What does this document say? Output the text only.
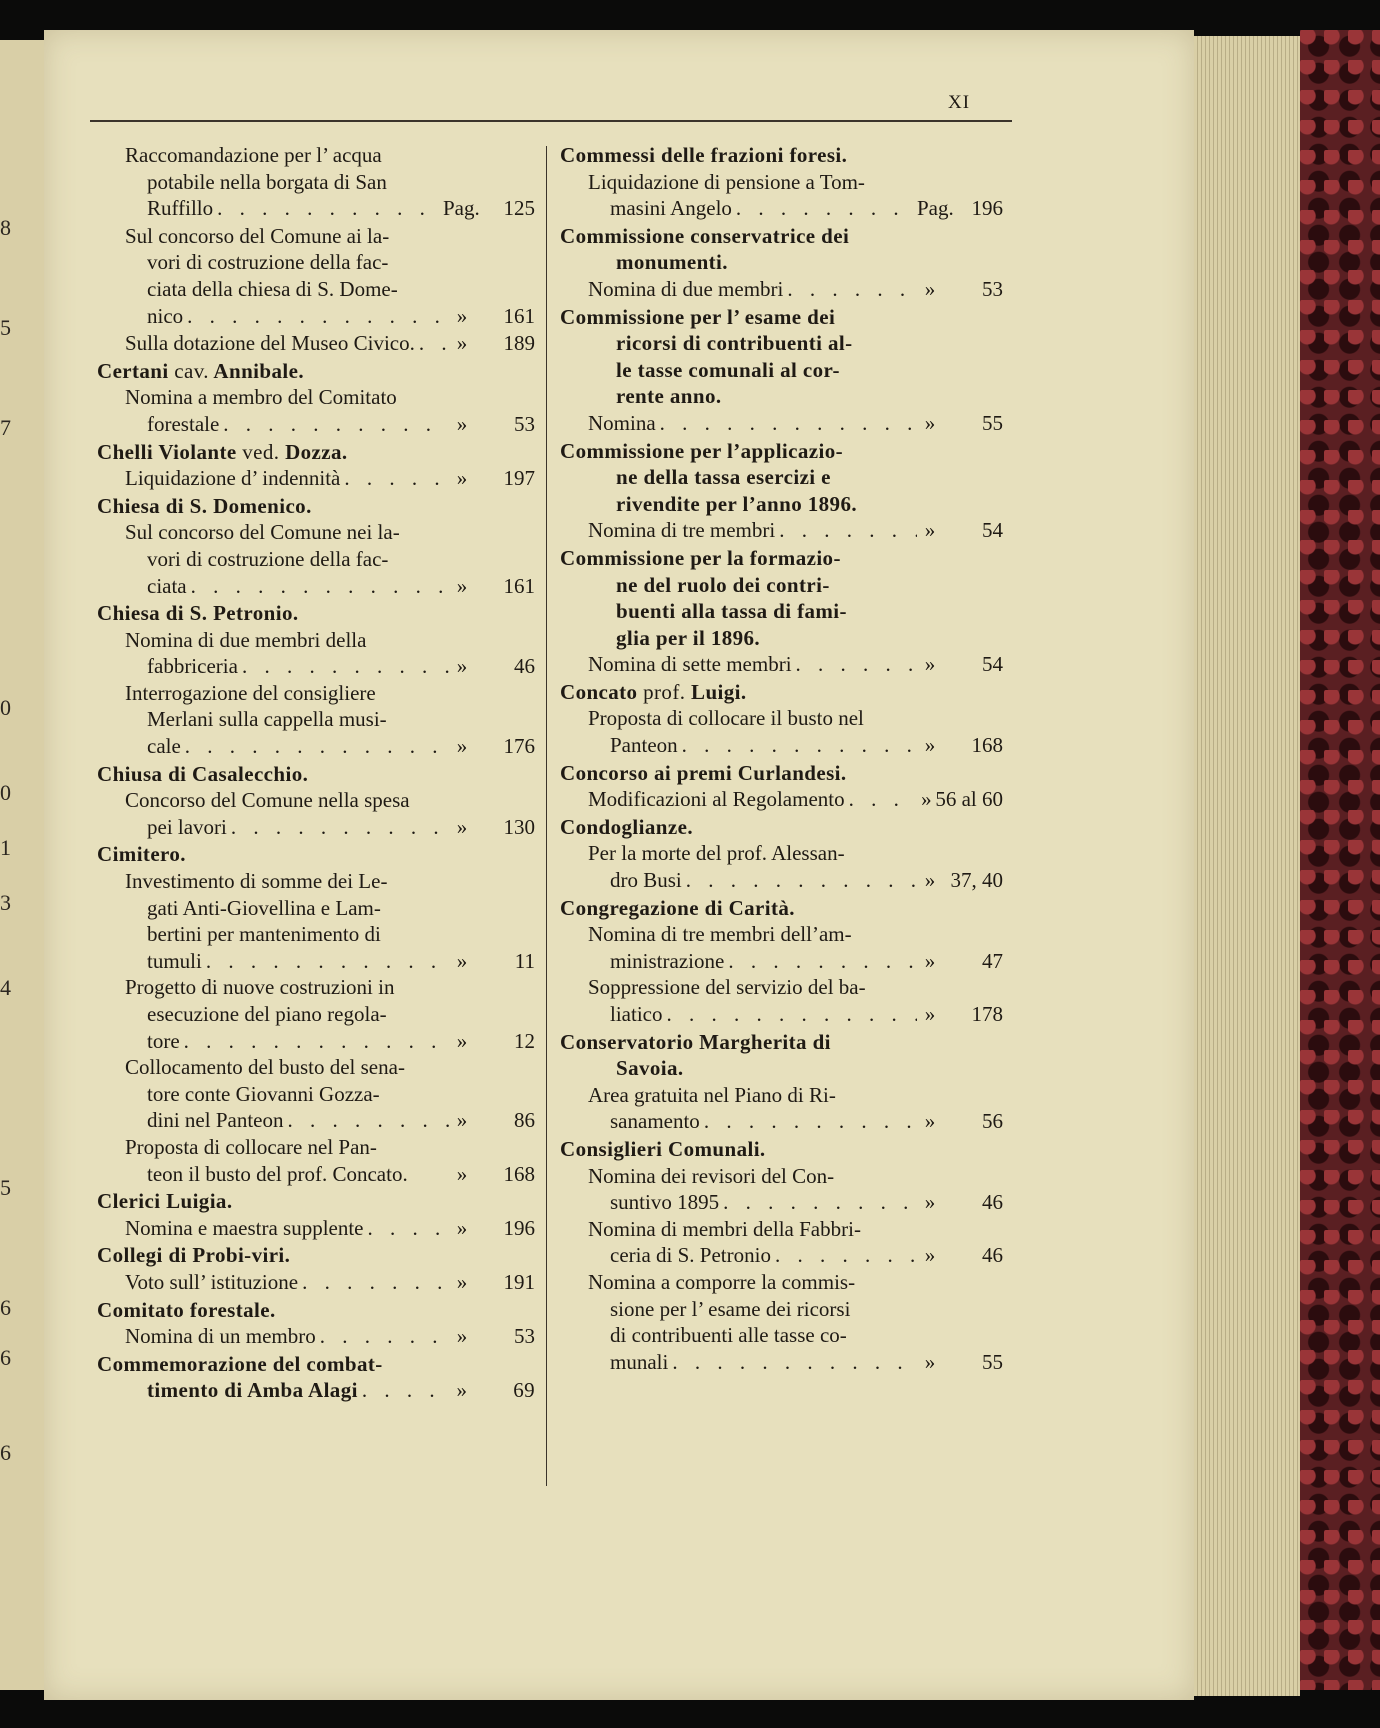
8
5
7
0
0
1
3
4
5
6
6
6
XI
Raccomandazione per l’ acqua
potabile nella borgata di San
Ruffillo . . .	Pag. 125
Sul concorso del Comune ai la-
vori di costruzione della fac-
ciata della chiesa di S. Dome-
nico . . .	» 161
Sulla dotazione del Museo Civico. . . . » 189
Certani cav. Annibale.
Nomina a membro del Comitato
forestale . . .	» 53
Chelli Violante ved. Dozza.
Liquidazione d’ indennità . . .	» 197
Chiesa di S. Domenico.
Sul concorso del Comune nei la-
vori di costruzione della fac-
ciata . . .	» 161
Chiesa di S. Petronio.
Nomina di due membri della
fabbriceria . . .	» 46
Interrogazione del consigliere
Merlani sulla cappella musi-
cale . . .	» 176
Chiusa di Casalecchio.
Concorso del Comune nella spesa
pei lavori . . .	» 130
Cimitero.
Investimento di somme dei Le-
gati Anti-Giovellina e Lam-
bertini per mantenimento di
tumuli . . .	» 11
Progetto di nuove costruzioni in
esecuzione del piano regola-
tore . . .	» 12
Collocamento del busto del sena-
tore conte Giovanni Gozza-
dini nel Panteon . . .	» 86
Proposta di collocare nel Pan-
teon il busto del prof. Concato. » 168
Clerici Luigia.
Nomina e maestra supplente . . .	» 196
Collegi di Probi-viri.
Voto sull’ istituzione . . .	» 191
Comitato forestale.
Nomina di un membro . . .	» 53
Commemorazione del combat-
timento di Amba Alagi . . .	» 69
Commessi delle frazioni foresi.
Liquidazione di pensione a Tom-
masini Angelo . . .	Pag. 196
Commissione conservatrice dei
monumenti.
Nomina di due membri . . .	» 53
Commissione per l’ esame dei
ricorsi di contribuenti al-
le tasse comunali al cor-
rente anno.
Nomina . . .	» 55
Commissione per l’applicazio-
ne della tassa esercizi e
rivendite per l’anno 1896.
Nomina di tre membri . . .	» 54
Commissione per la formazio-
ne del ruolo dei contri-
buenti alla tassa di fami-
glia per il 1896.
Nomina di sette membri . . .	» 54
Concato prof. Luigi.
Proposta di collocare il busto nel
Panteon . . .	» 168
Concorso ai premi Curlandesi.
Modificazioni al Regolamento . . .	» 56 al 60
Condoglianze.
Per la morte del prof. Alessan-
dro Busi . . .	» 37, 40
Congregazione di Carità.
Nomina di tre membri dell’am-
ministrazione . . .	» 47
Soppressione del servizio del ba-
liatico . . .	» 178
Conservatorio Margherita di
Savoia.
Area gratuita nel Piano di Ri-
sanamento . . .	» 56
Consiglieri Comunali.
Nomina dei revisori del Con-
suntivo 1895 . . .	» 46
Nomina di membri della Fabbri-
ceria di S. Petronio . . .	» 46
Nomina a comporre la commis-
sione per l’ esame dei ricorsi
di contribuenti alle tasse co-
munali . . .	» 55
